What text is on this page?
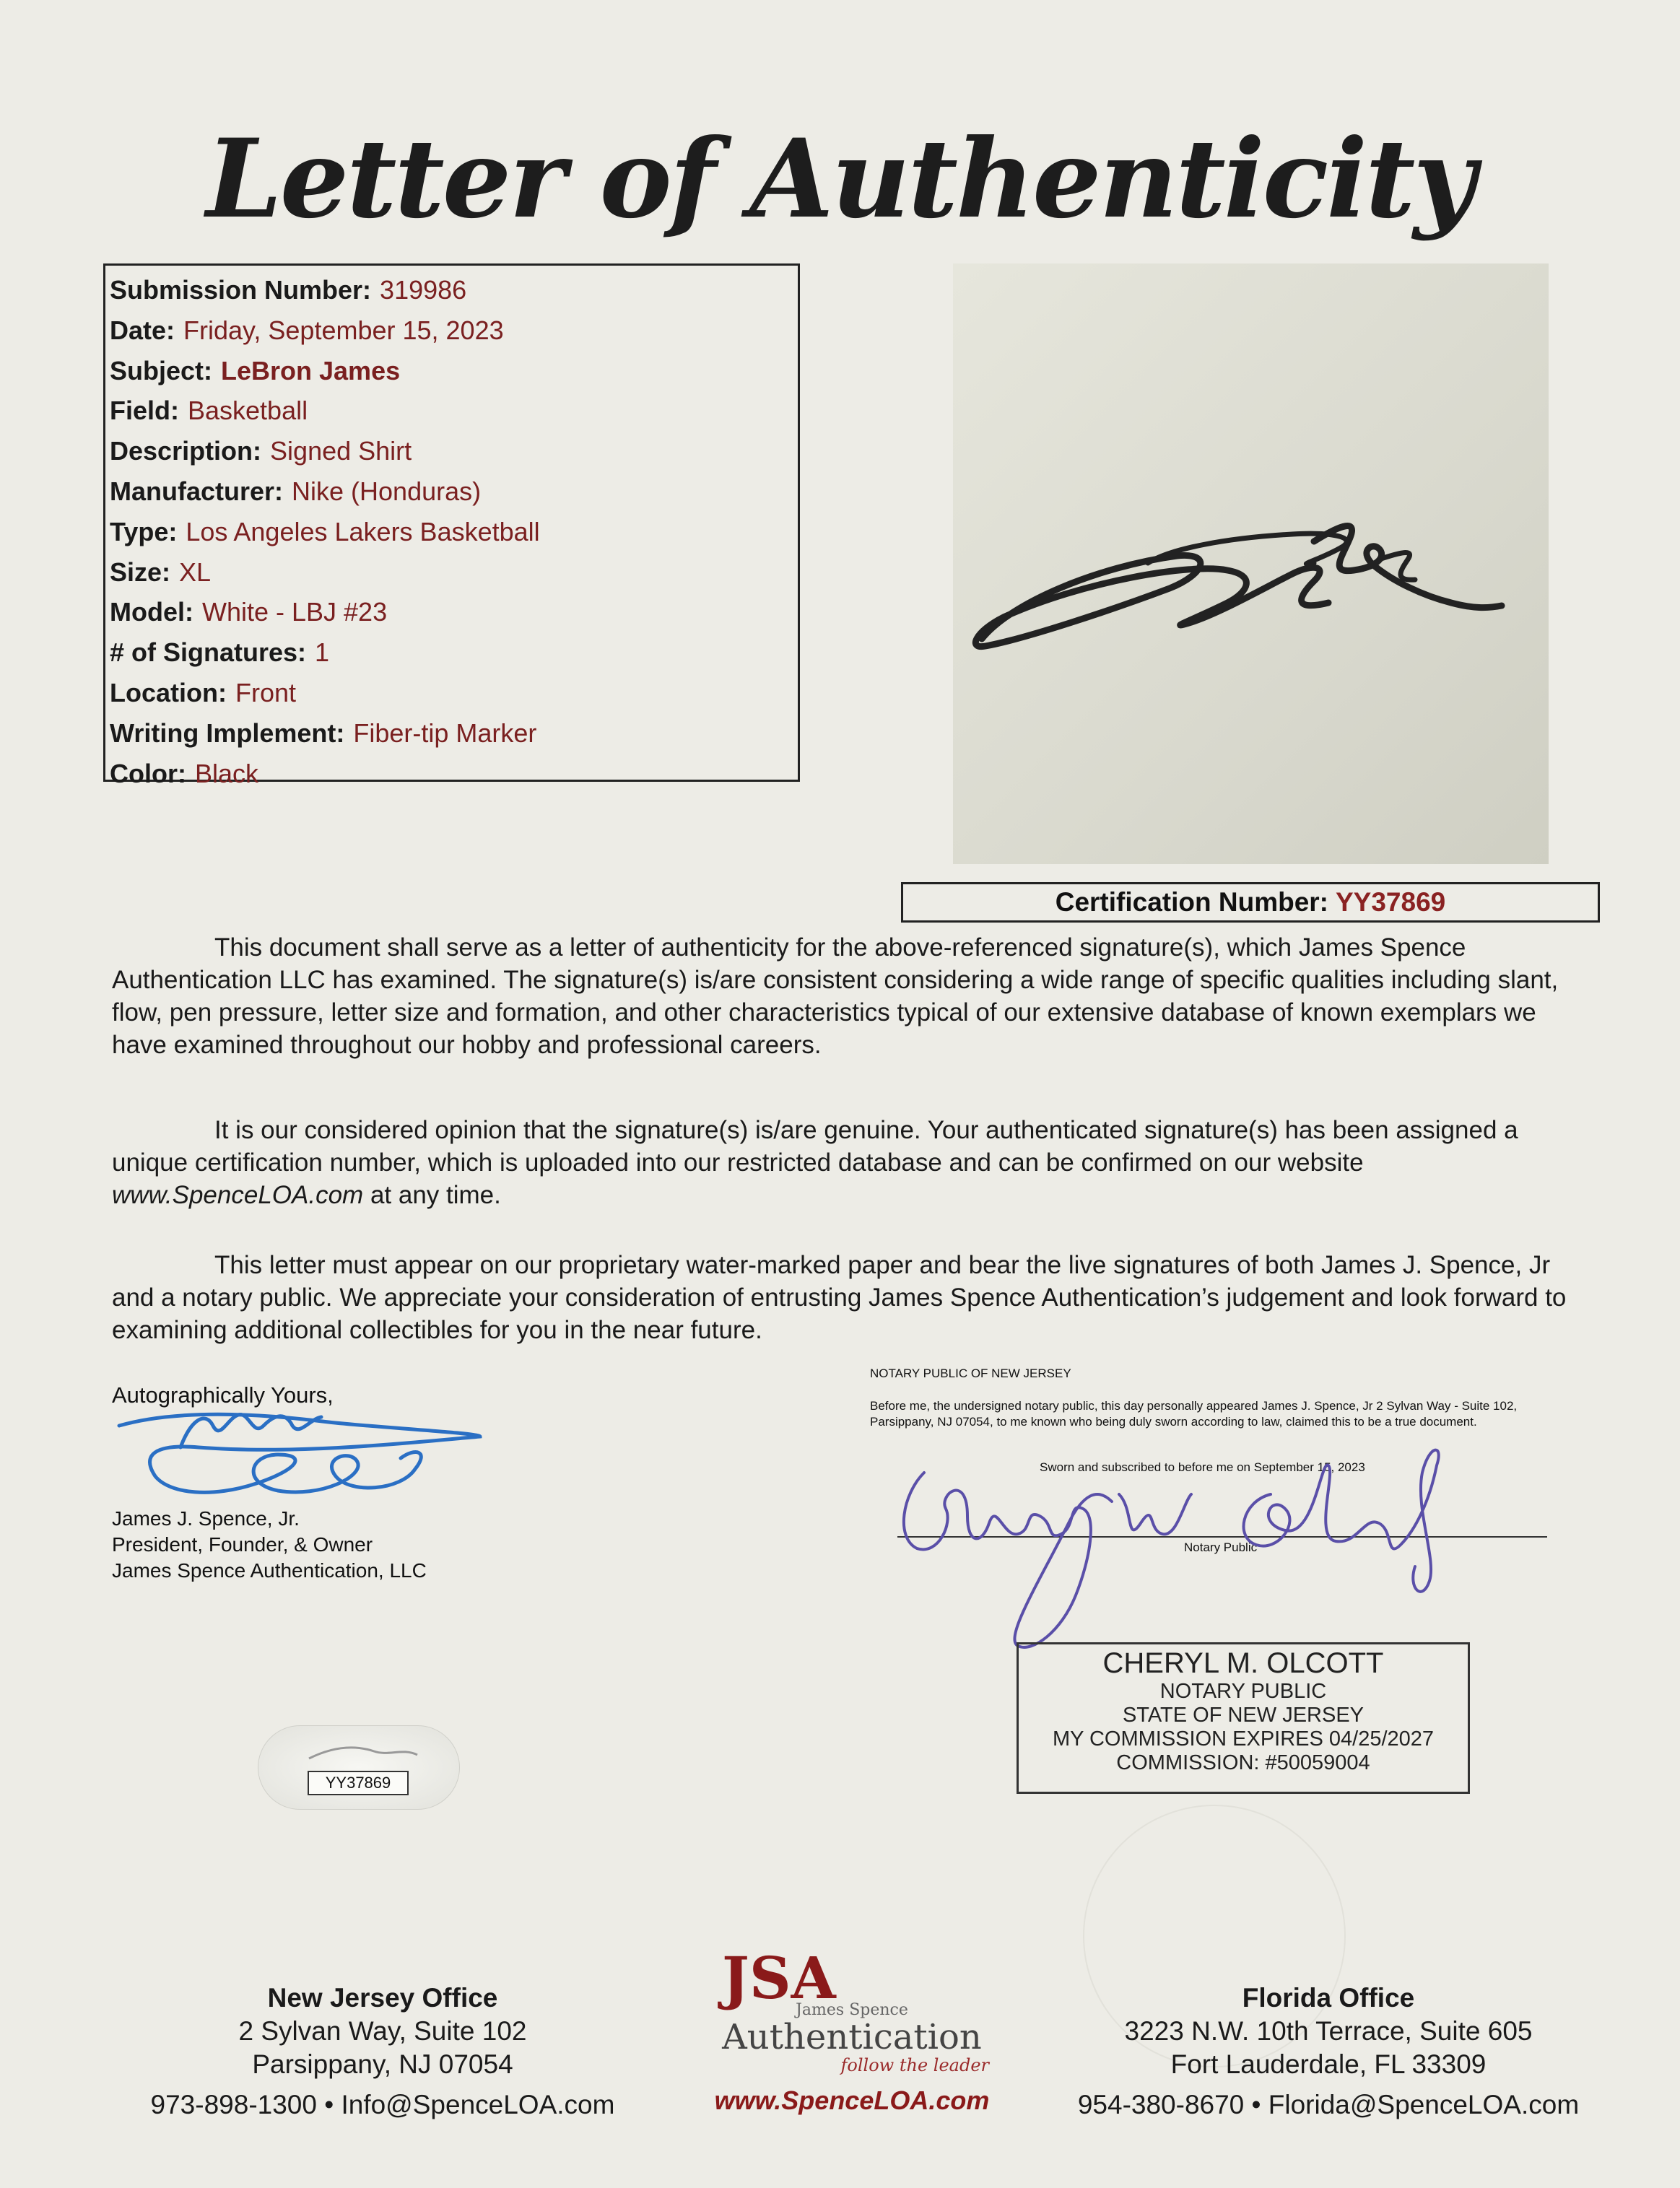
Letter of Authenticity
Submission Number: 319986
Date: Friday, September 15, 2023
Subject: LeBron James
Field: Basketball
Description: Signed Shirt
Manufacturer: Nike (Honduras)
Type: Los Angeles Lakers Basketball
Size: XL
Model: White - LBJ #23
# of Signatures: 1
Location: Front
Writing Implement: Fiber-tip Marker
Color: Black
Certification Number: YY37869
This document shall serve as a letter of authenticity for the above-referenced signature(s), which James Spence Authentication LLC has examined. The signature(s) is/are consistent considering a wide range of specific qualities including slant, flow, pen pressure, letter size and formation, and other characteristics typical of our extensive database of known exemplars we have examined throughout our hobby and professional careers.
It is our considered opinion that the signature(s) is/are genuine. Your authenticated signature(s) has been assigned a unique certification number, which is uploaded into our restricted database and can be confirmed on our website www.SpenceLOA.com at any time.
This letter must appear on our proprietary water-marked paper and bear the live signatures of both James J. Spence, Jr and a notary public. We appreciate your consideration of entrusting James Spence Authentication’s judgement and look forward to examining additional collectibles for you in the near future.
Autographically Yours,
James J. Spence, Jr.
President, Founder, & Owner
James Spence Authentication, LLC
YY37869
NOTARY PUBLIC OF NEW JERSEY
Before me, the undersigned notary public, this day personally appeared James J. Spence, Jr 2 Sylvan Way - Suite 102, Parsippany, NJ 07054, to me known who being duly sworn according to law, claimed this to be a true document.
Sworn and subscribed to before me on September 15, 2023
Notary Public
CHERYL M. OLCOTT
NOTARY PUBLIC
STATE OF NEW JERSEY
MY COMMISSION EXPIRES 04/25/2027
COMMISSION: #50059004
New Jersey Office
2 Sylvan Way, Suite 102
Parsippany, NJ 07054
973-898-1300 • Info@SpenceLOA.com
JSA
James Spence
Authentication
follow the leader
www.SpenceLOA.com
Florida Office
3223 N.W. 10th Terrace, Suite 605
Fort Lauderdale, FL 33309
954-380-8670 • Florida@SpenceLOA.com
